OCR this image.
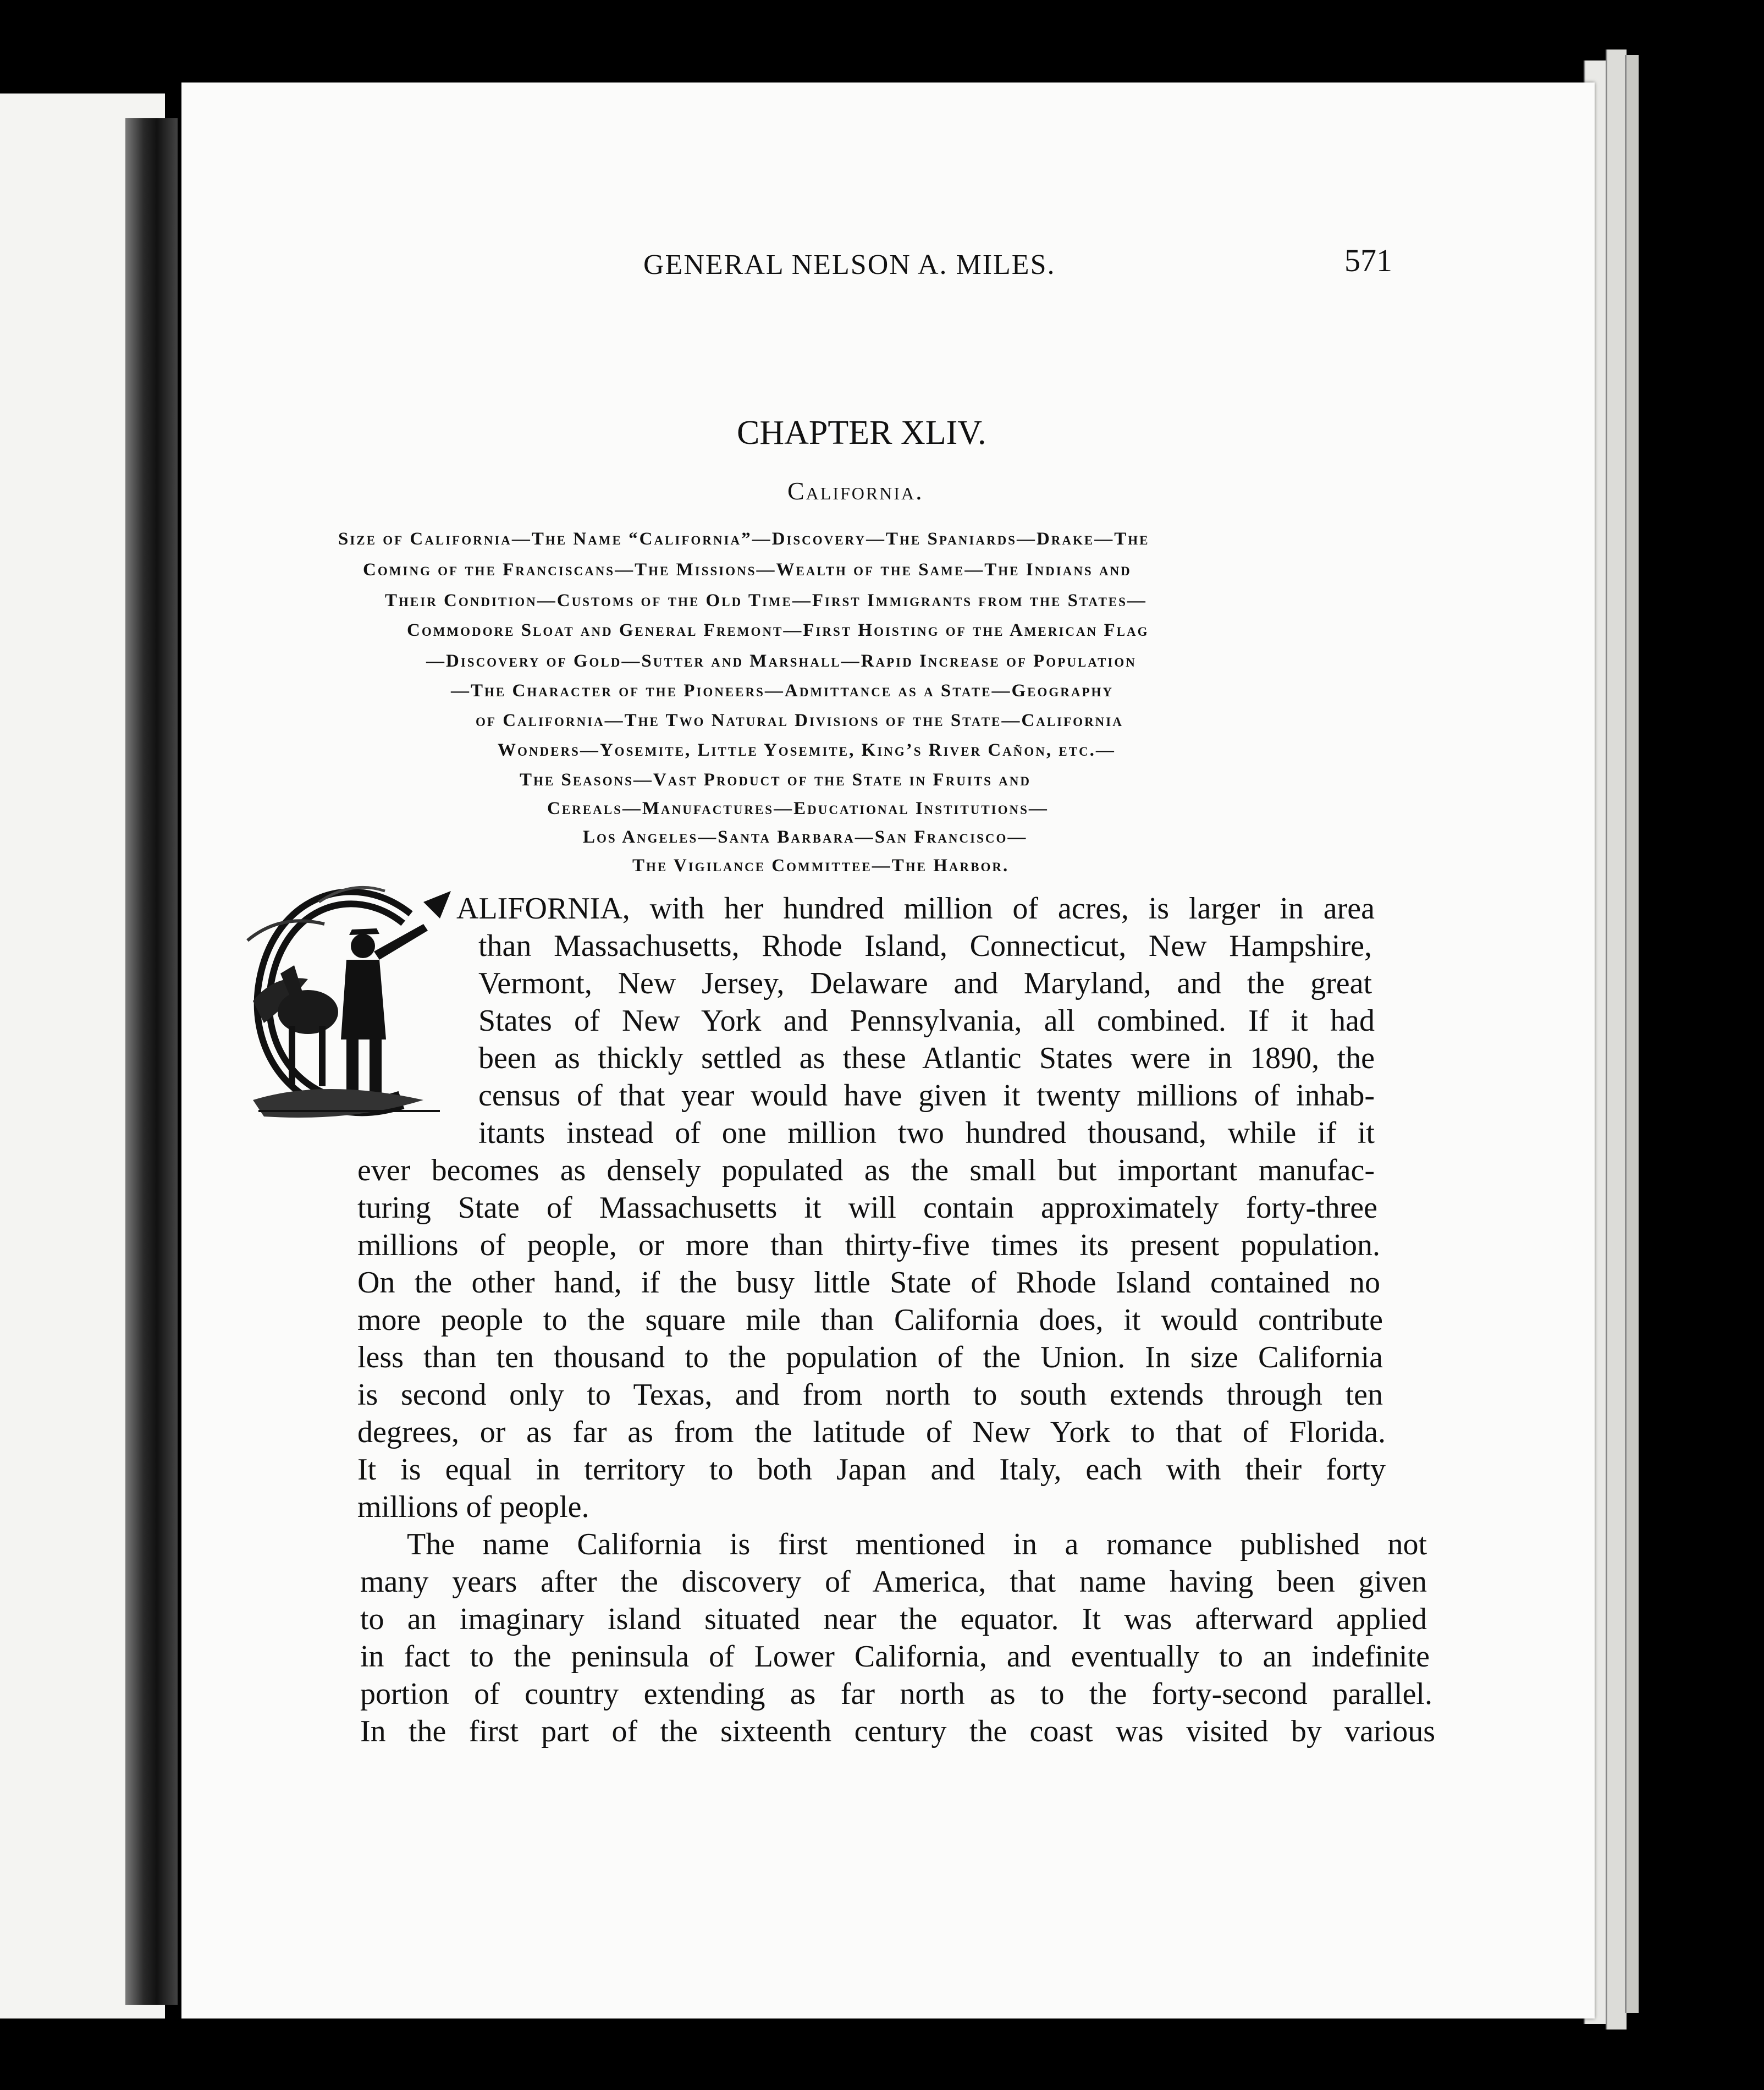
GENERAL NELSON A. MILES.	571
CHAPTER XLIV.
California.
Size of California—The Name “California”—Discovery—The Spaniards—Drake—The
Coming of the Franciscans—The Missions—Wealth of the Same—The Indians and
Their Condition—Customs of the Old Time—First Immigrants from the States—
Commodore Sloat and General Fremont—First Hoisting of the American Flag
—Discovery of Gold—Sutter and Marshall—Rapid Increase of Population
—The Character of the Pioneers—Admittance as a State—Geography
of California—The Two Natural Divisions of the State—California
Wonders—Yosemite, Little Yosemite, King’s River Cañon, etc.—
The Seasons—Vast Product of the State in Fruits and
Cereals—Manufactures—Educational Institutions—
Los Angeles—Santa Barbara—San Francisco—
The Vigilance Committee—The Harbor.
ALIFORNIA, with her hundred million of acres, is larger in area
than Massachusetts, Rhode Island, Connecticut, New Hampshire,
Vermont, New Jersey, Delaware and Maryland, and the great
States of New York and Pennsylvania, all combined. If it had
been as thickly settled as these Atlantic States were in 1890, the
census of that year would have given it twenty millions of inhab-
itants instead of one million two hundred thousand, while if it
ever becomes as densely populated as the small but important manufac-
turing State of Massachusetts it will contain approximately forty-three
millions of people, or more than thirty-five times its present population.
On the other hand, if the busy little State of Rhode Island contained no
more people to the square mile than California does, it would contribute
less than ten thousand to the population of the Union. In size California
is second only to Texas, and from north to south extends through ten
degrees, or as far as from the latitude of New York to that of Florida.
It is equal in territory to both Japan and Italy, each with their forty
millions of people.
The name California is first mentioned in a romance published not
many years after the discovery of America, that name having been given
to an imaginary island situated near the equator. It was afterward applied
in fact to the peninsula of Lower California, and eventually to an indefinite
portion of country extending as far north as to the forty-second parallel.
In the first part of the sixteenth century the coast was visited by various
